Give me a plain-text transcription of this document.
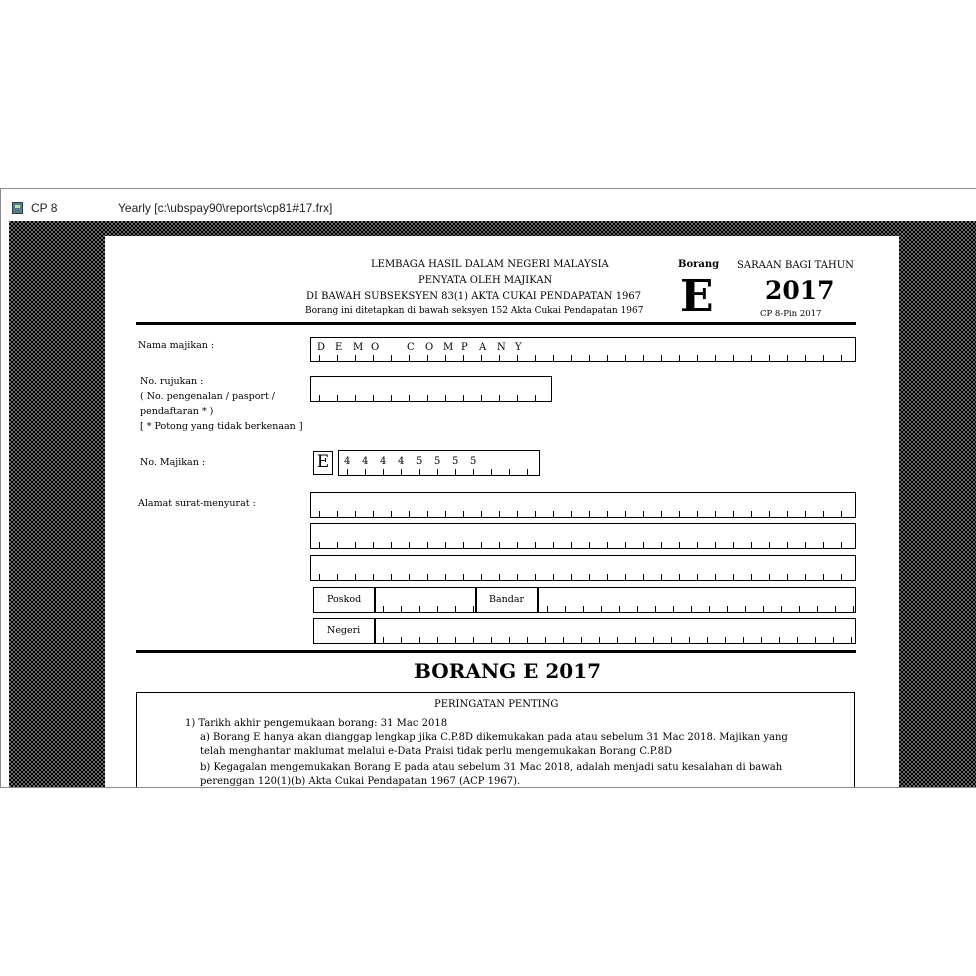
CP 8	Yearly [c:\ubspay90\reports\cp81#17.frx]
LEMBAGA HASIL DALAM NEGERI MALAYSIA
PENYATA OLEH MAJIKAN
DI BAWAH SUBSEKSYEN 83(1) AKTA CUKAI PENDAPATAN 1967
Borang ini ditetapkan di bawah seksyen 152 Akta Cukai Pendapatan 1967
Borang
E
SARAAN BAGI TAHUN
2017
CP 8-Pin 2017
Nama majikan :	D E M O	C O M P A N Y
No. rujukan :
( No. pengenalan / pasport /
pendaftaran * )
[ * Potong yang tidak berkenaan ]
No. Majikan :	E	4 4 4 4 5 5 5 5
Alamat surat-menyurat :
Poskod	Bandar
Negeri
BORANG E 2017
PERINGATAN PENTING
1) Tarikh akhir pengemukaan borang: 31 Mac 2018
a) Borang E hanya akan dianggap lengkap jika C.P.8D dikemukakan pada atau sebelum 31 Mac 2018. Majikan yang
telah menghantar maklumat melalui e-Data Praisi tidak perlu mengemukakan Borang C.P.8D
b) Kegagalan mengemukakan Borang E pada atau sebelum 31 Mac 2018, adalah menjadi satu kesalahan di bawah
perenggan 120(1)(b) Akta Cukai Pendapatan 1967 (ACP 1967).
